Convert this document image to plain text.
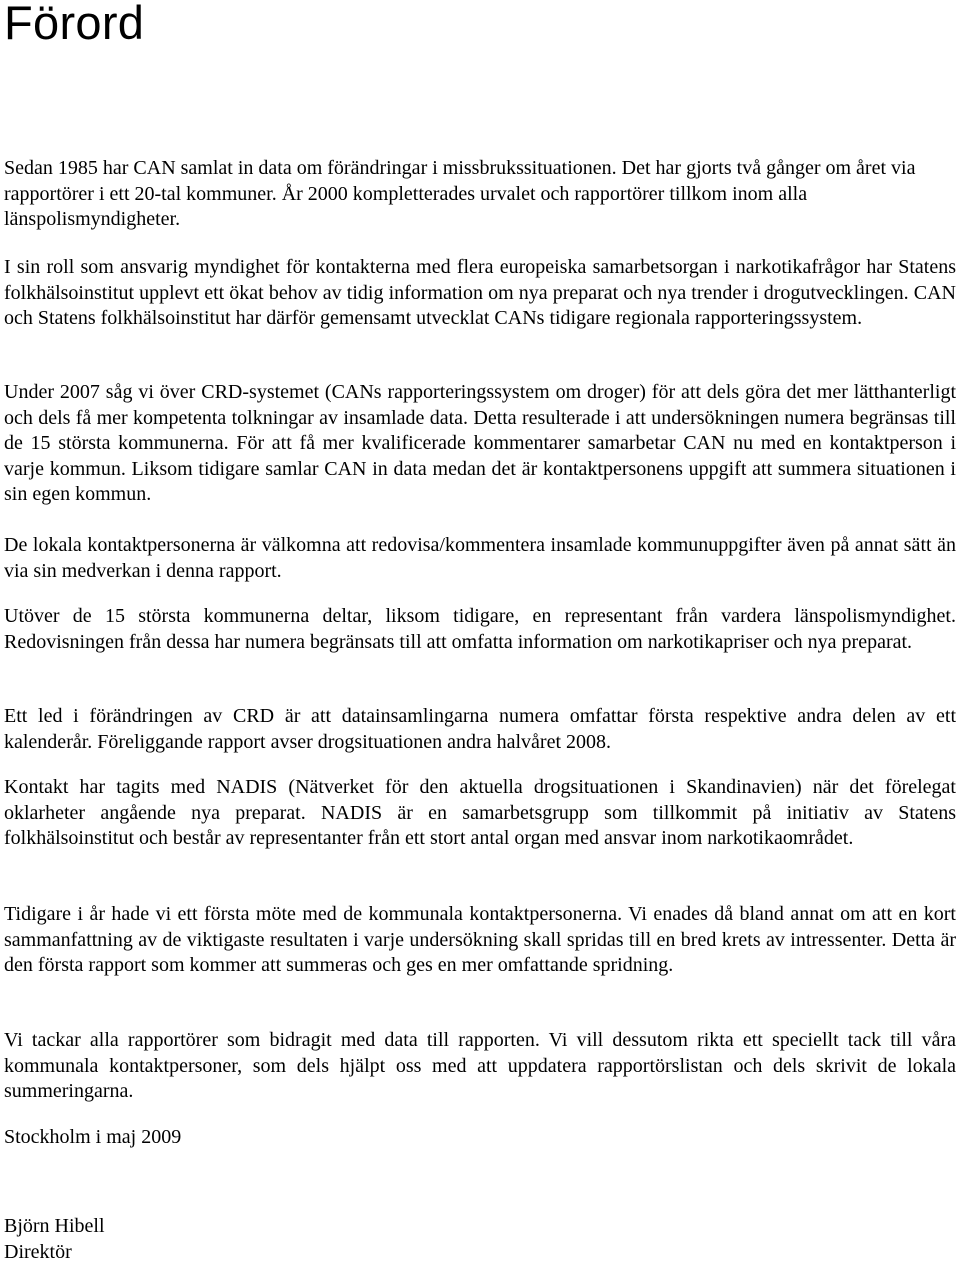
Förord

Sedan 1985 har CAN samlat in data om förändringar i missbrukssituationen. Det har gjorts två gånger om året via rapportörer i ett 20-tal kommuner. År 2000 kompletterades urvalet och rapportörer tillkom inom alla länspolismyndigheter.

I sin roll som ansvarig myndighet för kontakterna med flera europeiska samarbetsorgan i narkotikafrågor har Statens folkhälsoinstitut upplevt ett ökat behov av tidig information om nya preparat och nya trender i drogutvecklingen. CAN och Statens folkhälsoinstitut har därför gemensamt utvecklat CANs tidigare regionala rapporteringssystem.

Under 2007 såg vi över CRD-systemet (CANs rapporteringssystem om droger) för att dels göra det mer lätthanterligt och dels få mer kompetenta tolkningar av insamlade data. Detta resulterade i att undersökningen numera begränsas till de 15 största kommunerna. För att få mer kvalificerade kommentarer samarbetar CAN nu med en kontaktperson i varje kommun. Liksom tidigare samlar CAN in data medan det är kontaktpersonens uppgift att summera situationen i sin egen kommun.

De lokala kontaktpersonerna är välkomna att redovisa/kommentera insamlade kommunuppgifter även på annat sätt än via sin medverkan i denna rapport.

Utöver de 15 största kommunerna deltar, liksom tidigare, en representant från vardera länspolismyndighet. Redovisningen från dessa har numera begränsats till att omfatta information om narkotikapriser och nya preparat.

Ett led i förändringen av CRD är att datainsamlingarna numera omfattar första respektive andra delen av ett kalenderår. Föreliggande rapport avser drogsituationen andra halvåret 2008.

Kontakt har tagits med NADIS (Nätverket för den aktuella drogsituationen i Skandinavien) när det förelegat oklarheter angående nya preparat. NADIS är en samarbetsgrupp som tillkommit på initiativ av Statens folkhälsoinstitut och består av representanter från ett stort antal organ med ansvar inom narkotikaområdet.

Tidigare i år hade vi ett första möte med de kommunala kontaktpersonerna. Vi enades då bland annat om att en kort sammanfattning av de viktigaste resultaten i varje undersökning skall spridas till en bred krets av intressenter. Detta är den första rapport som kommer att summeras och ges en mer omfattande spridning.

Vi tackar alla rapportörer som bidragit med data till rapporten. Vi vill dessutom rikta ett speciellt tack till våra kommunala kontaktpersoner, som dels hjälpt oss med att uppdatera rapportörslistan och dels skrivit de lokala summeringarna.

Stockholm i maj 2009

Björn Hibell
Direktör
